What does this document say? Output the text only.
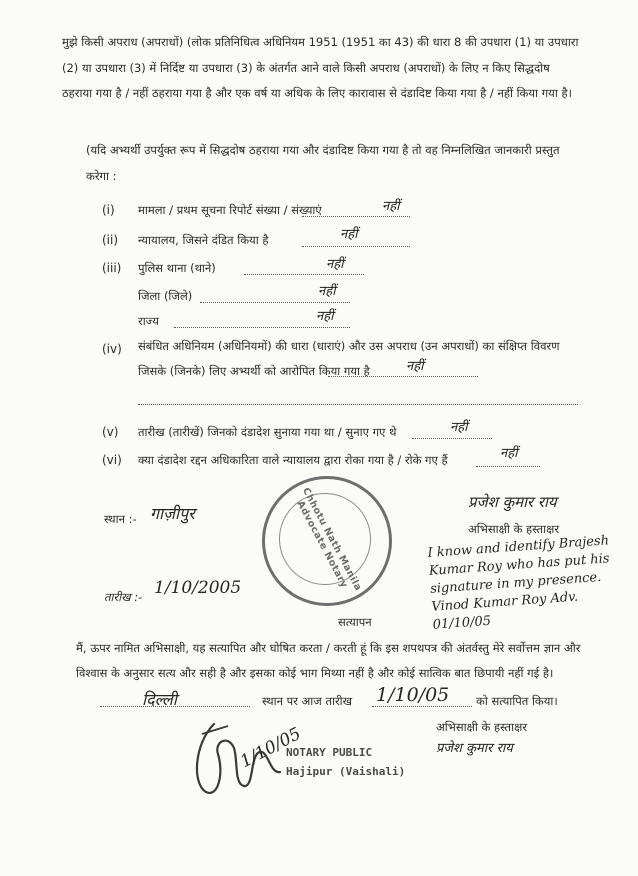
मुझे किसी अपराध (अपराधों) (लोक प्रतिनिधित्व अधिनियम 1951 (1951 का 43) की धारा 8 की उपधारा (1) या उपधारा (2) या उपधारा (3) में निर्दिष्ट या उपधारा (3) के अंतर्गत आने वाले किसी अपराध (अपराधों) के लिए न किए सिद्धदोष ठहराया गया है / नहीं ठहराया गया है और एक वर्ष या अधिक के लिए कारावास से दंडादिष्ट किया गया है / नहीं किया गया है।
(यदि अभ्यर्थी उपर्युक्त रूप में सिद्धदोष ठहराया गया और दंडादिष्ट किया गया है तो वह निम्नलिखित जानकारी प्रस्तुत करेगा :
(i) मामला / प्रथम सूचना रिपोर्ट संख्या / संख्याएं	नहीं
(ii) न्यायालय, जिसने दंडित किया है	नहीं
(iii) पुलिस थाना (थाने)	नहीं
जिला (जिले)	नहीं
राज्य	नहीं
(iv) संबंधित अधिनियम (अधिनियमों) की धारा (धाराएं) और उस अपराध (उन अपराधों) का संक्षिप्त विवरण जिसके (जिनके) लिए अभ्यर्थी को आरोपित किया गया है	नहीं
(v) तारीख (तारीखें) जिनको दंडादेश सुनाया गया था / सुनाए गए थे	नहीं
(vi) क्या दंडादेश रद्दन अधिकारिता वाले न्यायालय द्वारा रोका गया है / रोके गए हैं	नहीं
स्थान :- गाज़ीपुर
प्रजेश कुमार राय
अभिसाक्षी के हस्ताक्षर
Chhotu Nath Manila Advocate Notary	I know and identify Brajesh Kumar Roy who has put his signature in my presence. Vinod Kumar Roy Adv. 01/10/05
तारीख :- 1/10/2005
सत्यापन
मैं, ऊपर नामित अभिसाक्षी, यह सत्यापित और घोषित करता / करती हूं कि इस शपथपत्र की अंतर्वस्तु मेरे सर्वोत्तम ज्ञान और विश्वास के अनुसार सत्य और सही है और इसका कोई भाग मिथ्या नहीं है और कोई सात्विक बात छिपायी नहीं गई है।
दिल्ली	स्थान पर आज तारीख 1/10/05 को सत्यापित किया।
अभिसाक्षी के हस्ताक्षर
प्रजेश कुमार राय
1/10/05
NOTARY PUBLIC
Hajipur (Vaishali)
